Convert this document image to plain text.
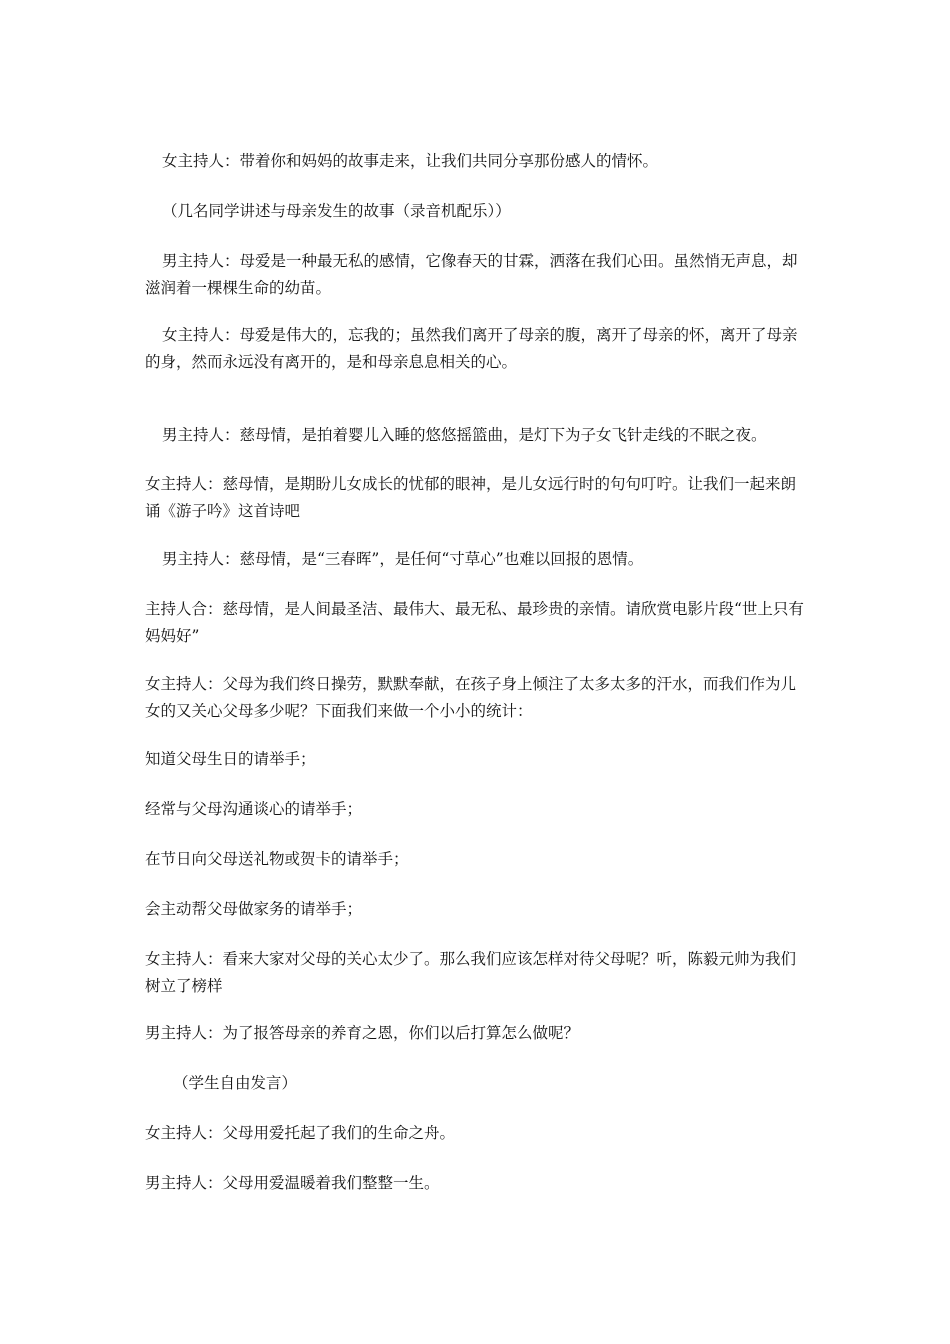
女主持人：带着你和妈妈的故事走来，让我们共同分享那份感人的情怀。

（几名同学讲述与母亲发生的故事（录音机配乐））

男主持人：母爱是一种最无私的感情，它像春天的甘霖，洒落在我们心田。虽然悄无声息，却滋润着一棵棵生命的幼苗。

女主持人：母爱是伟大的，忘我的；虽然我们离开了母亲的腹，离开了母亲的怀，离开了母亲的身，然而永远没有离开的，是和母亲息息相关的心。

男主持人：慈母情，是拍着婴儿入睡的悠悠摇篮曲，是灯下为子女飞针走线的不眠之夜。

女主持人：慈母情，是期盼儿女成长的忧郁的眼神，是儿女远行时的句句叮咛。让我们一起来朗诵《游子吟》这首诗吧

男主持人：慈母情，是“三春晖”，是任何“寸草心”也难以回报的恩情。

主持人合：慈母情，是人间最圣洁、最伟大、最无私、最珍贵的亲情。请欣赏电影片段“世上只有妈妈好”

女主持人：父母为我们终日操劳，默默奉献，在孩子身上倾注了太多太多的汗水，而我们作为儿女的又关心父母多少呢？下面我们来做一个小小的统计：

知道父母生日的请举手；

经常与父母沟通谈心的请举手；

在节日向父母送礼物或贺卡的请举手；

会主动帮父母做家务的请举手；

女主持人：看来大家对父母的关心太少了。那么我们应该怎样对待父母呢？听，陈毅元帅为我们树立了榜样

男主持人：为了报答母亲的养育之恩，你们以后打算怎么做呢？

（学生自由发言）

女主持人：父母用爱托起了我们的生命之舟。

男主持人：父母用爱温暖着我们整整一生。
